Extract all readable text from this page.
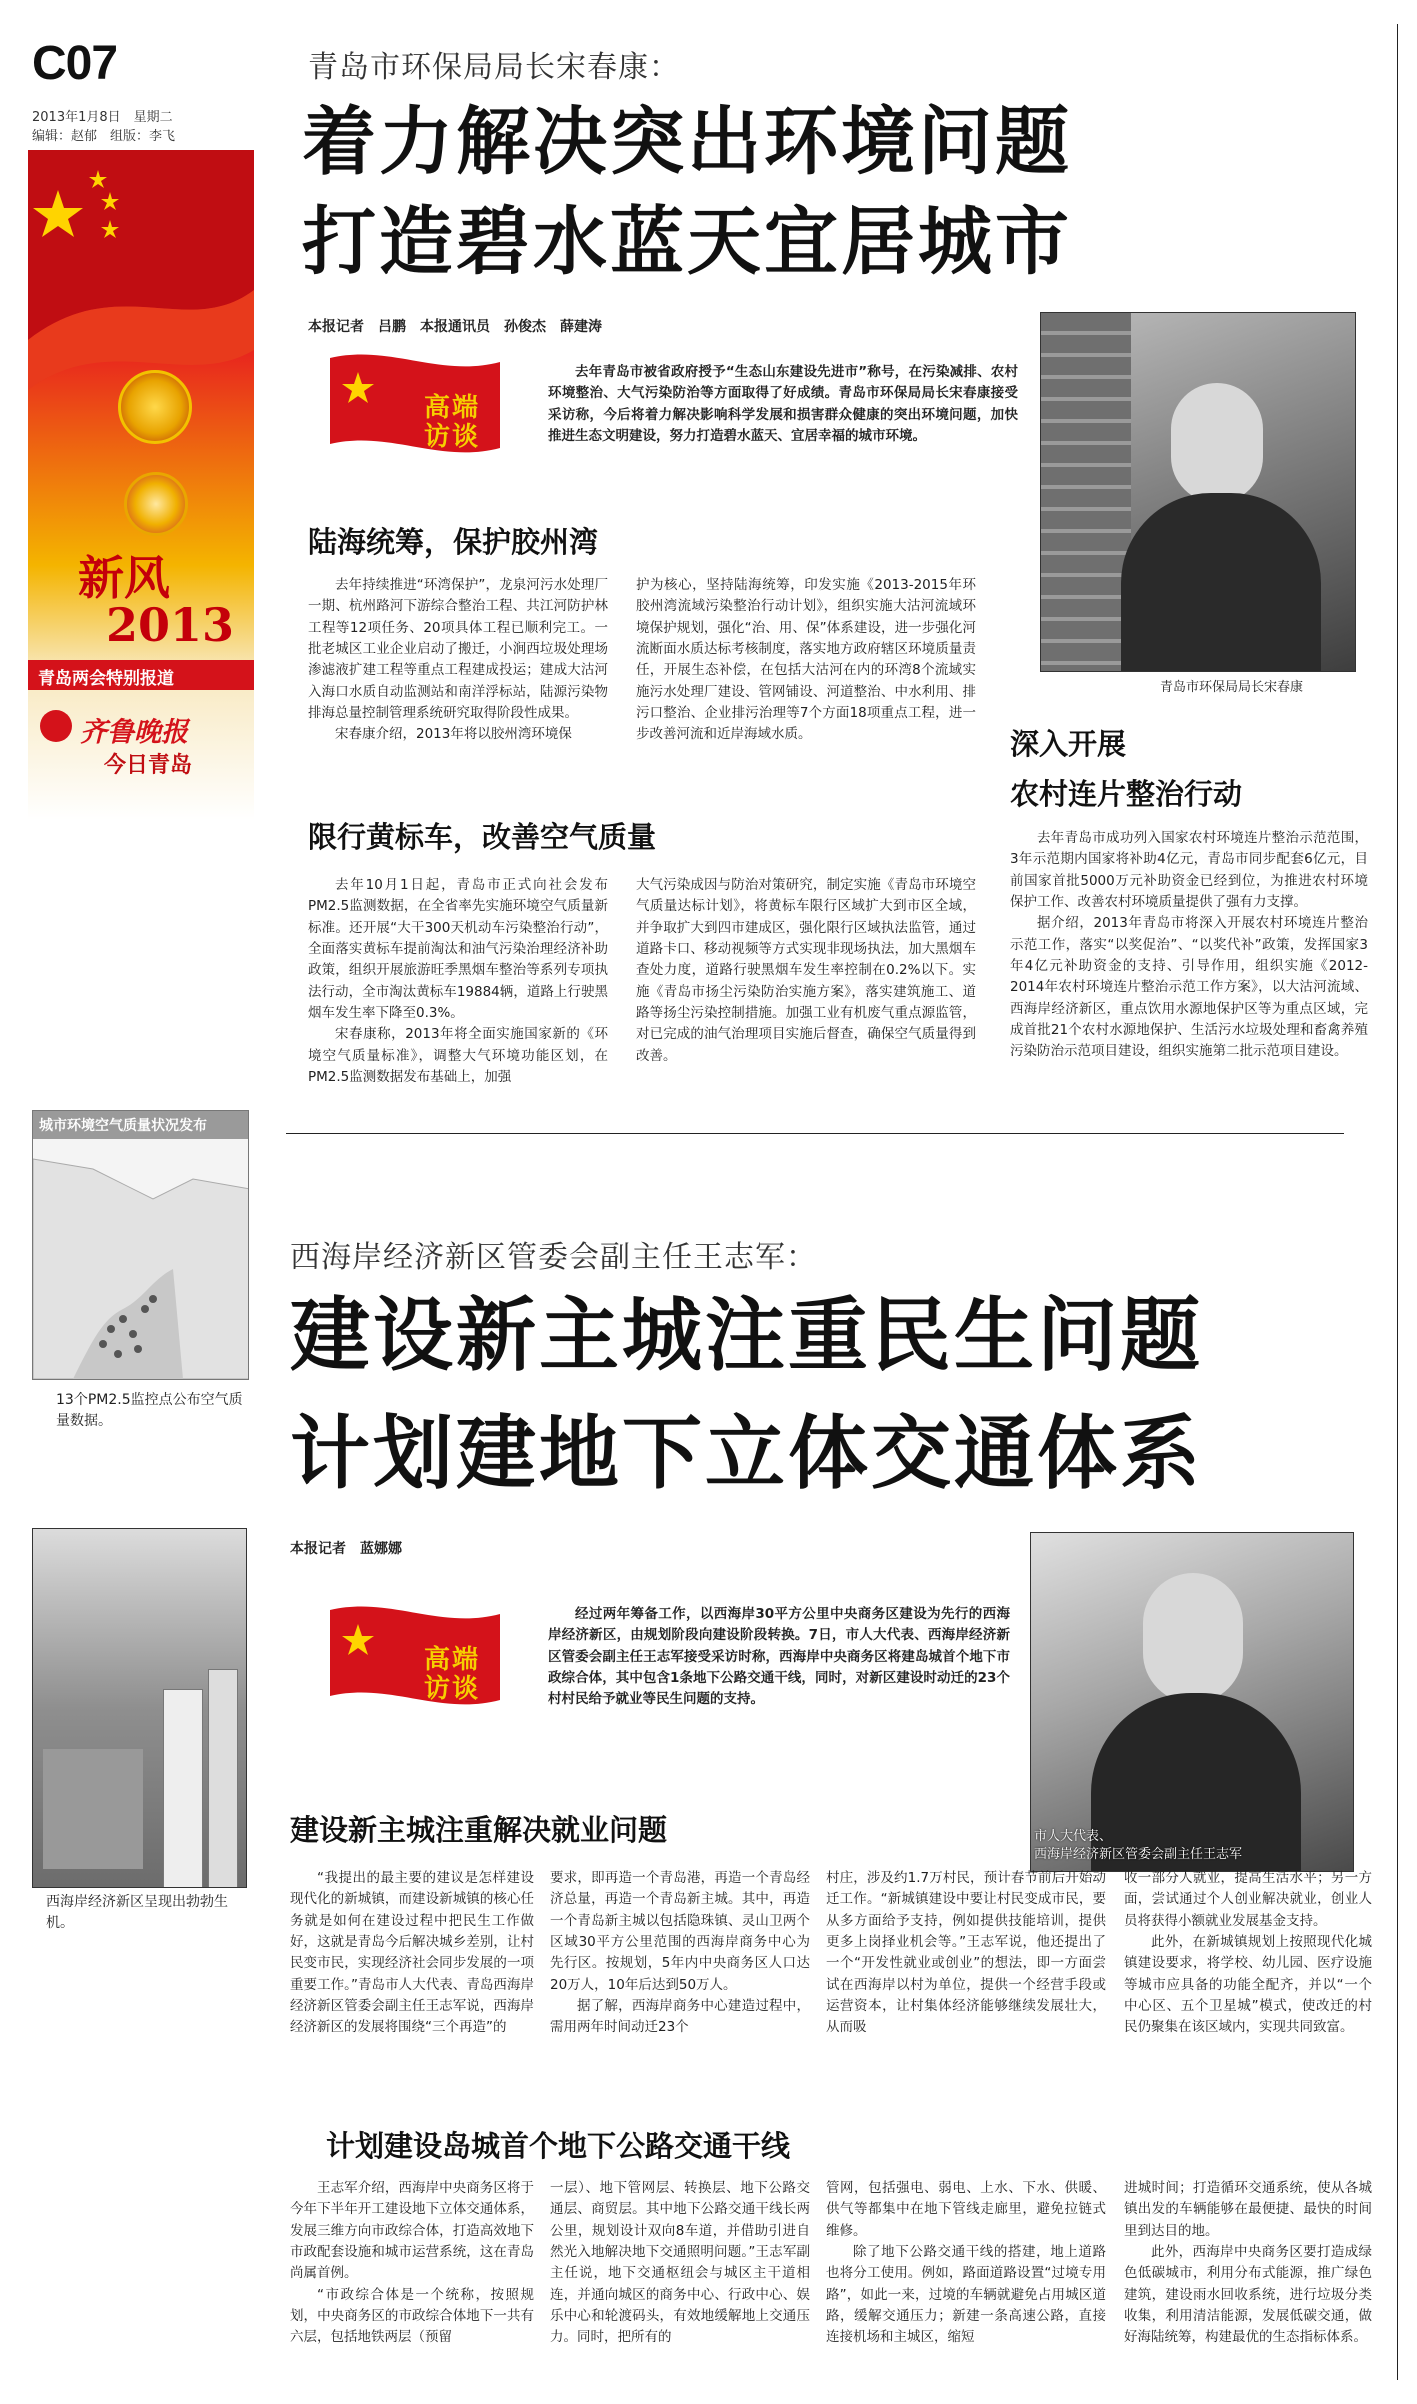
C07
2013年1月8日　星期二
编辑：赵郁　组版：李飞
新风
2013
青岛两会特别报道
齐鲁晚报
今日青岛
城市环境空气质量状况发布
13个PM2.5监控点公布空气质量数据。
西海岸经济新区呈现出勃勃生机。
青岛市环保局局长宋春康：
着力解决突出环境问题
打造碧水蓝天宜居城市
本报记者　吕鹏　本报通讯员　孙俊杰　薛建涛
高端访谈
去年青岛市被省政府授予“生态山东建设先进市”称号，在污染减排、农村环境整治、大气污染防治等方面取得了好成绩。青岛市环保局局长宋春康接受采访称，今后将着力解决影响科学发展和损害群众健康的突出环境问题，加快推进生态文明建设，努力打造碧水蓝天、宜居幸福的城市环境。
青岛市环保局局长宋春康
陆海统筹，保护胶州湾

去年持续推进“环湾保护”，龙泉河污水处理厂一期、杭州路河下游综合整治工程、共江河防护林工程等12项任务、20项具体工程已顺利完工。一批老城区工业企业启动了搬迁，小涧西垃圾处理场渗滤液扩建工程等重点工程建成投运；建成大沽河入海口水质自动监测站和南洋浮标站，陆源污染物排海总量控制管理系统研究取得阶段性成果。

宋春康介绍，2013年将以胶州湾环境保

护为核心，坚持陆海统筹，印发实施《2013-2015年环胶州湾流域污染整治行动计划》，组织实施大沽河流域环境保护规划，强化“治、用、保”体系建设，进一步强化河流断面水质达标考核制度，落实地方政府辖区环境质量责任，开展生态补偿，在包括大沽河在内的环湾8个流域实施污水处理厂建设、管网铺设、河道整治、中水利用、排污口整治、企业排污治理等7个方面18项重点工程，进一步改善河流和近岸海域水质。
限行黄标车，改善空气质量

去年10月1日起，青岛市正式向社会发布PM2.5监测数据，在全省率先实施环境空气质量新标准。还开展“大干300天机动车污染整治行动”，全面落实黄标车提前淘汰和油气污染治理经济补助政策，组织开展旅游旺季黑烟车整治等系列专项执法行动，全市淘汰黄标车19884辆，道路上行驶黑烟车发生率下降至0.3%。

宋春康称，2013年将全面实施国家新的《环境空气质量标准》，调整大气环境功能区划，在PM2.5监测数据发布基础上，加强

大气污染成因与防治对策研究，制定实施《青岛市环境空气质量达标计划》，将黄标车限行区域扩大到市区全域，并争取扩大到四市建成区，强化限行区域执法监管，通过道路卡口、移动视频等方式实现非现场执法，加大黑烟车查处力度，道路行驶黑烟车发生率控制在0.2%以下。实施《青岛市扬尘污染防治实施方案》，落实建筑施工、道路等扬尘污染控制措施。加强工业有机废气重点源监管，对已完成的油气治理项目实施后督查，确保空气质量得到改善。
深入开展
农村连片整治行动

去年青岛市成功列入国家农村环境连片整治示范范围，3年示范期内国家将补助4亿元，青岛市同步配套6亿元，目前国家首批5000万元补助资金已经到位，为推进农村环境保护工作、改善农村环境质量提供了强有力支撑。

据介绍，2013年青岛市将深入开展农村环境连片整治示范工作，落实“以奖促治”、“以奖代补”政策，发挥国家3年4亿元补助资金的支持、引导作用，组织实施《2012-2014年农村环境连片整治示范工作方案》，以大沽河流域、西海岸经济新区，重点饮用水源地保护区等为重点区域，完成首批21个农村水源地保护、生活污水垃圾处理和畜禽养殖污染防治示范项目建设，组织实施第二批示范项目建设。

西海岸经济新区管委会副主任王志军：
建设新主城注重民生问题
计划建地下立体交通体系
本报记者　蓝娜娜
高端访谈
经过两年筹备工作，以西海岸30平方公里中央商务区建设为先行的西海岸经济新区，由规划阶段向建设阶段转换。7日，市人大代表、西海岸经济新区管委会副主任王志军接受采访时称，西海岸中央商务区将建岛城首个地下市政综合体，其中包含1条地下公路交通干线，同时，对新区建设时动迁的23个村村民给予就业等民生问题的支持。
市人大代表、
西海岸经济新区管委会副主任王志军
建设新主城注重解决就业问题
“我提出的最主要的建议是怎样建设现代化的新城镇，而建设新城镇的核心任务就是如何在建设过程中把民生工作做好，这就是青岛今后解决城乡差别，让村民变市民，实现经济社会同步发展的一项重要工作。”青岛市人大代表、青岛西海岸经济新区管委会副主任王志军说，西海岸经济新区的发展将围绕“三个再造”的

要求，即再造一个青岛港，再造一个青岛经济总量，再造一个青岛新主城。其中，再造一个青岛新主城以包括隐珠镇、灵山卫两个区域30平方公里范围的西海岸商务中心为先行区。按规划，5年内中央商务区人口达20万人，10年后达到50万人。

据了解，西海岸商务中心建造过程中，需用两年时间动迁23个

村庄，涉及约1.7万村民，预计春节前后开始动迁工作。“新城镇建设中要让村民变成市民，要从多方面给予支持，例如提供技能培训，提供更多上岗择业机会等。”王志军说，他还提出了一个“开发性就业或创业”的想法，即一方面尝试在西海岸以村为单位，提供一个经营手段或运营资本，让村集体经济能够继续发展壮大，从而吸

收一部分人就业，提高生活水平；另一方面，尝试通过个人创业解决就业，创业人员将获得小额就业发展基金支持。

此外，在新城镇规划上按照现代化城镇建设要求，将学校、幼儿园、医疗设施等城市应具备的功能全配齐，并以“一个中心区、五个卫星城”模式，使改迁的村民仍聚集在该区域内，实现共同致富。

计划建设岛城首个地下公路交通干线

王志军介绍，西海岸中央商务区将于今年下半年开工建设地下立体交通体系，发展三维方向市政综合体，打造高效地下市政配套设施和城市运营系统，这在青岛尚属首例。

“市政综合体是一个统称，按照规划，中央商务区的市政综合体地下一共有六层，包括地铁两层（预留

一层）、地下管网层、转换层、地下公路交通层、商贸层。其中地下公路交通干线长两公里，规划设计双向8车道，并借助引进自然光入地解决地下交通照明问题。”王志军副主任说，地下交通枢纽会与城区主干道相连，并通向城区的商务中心、行政中心、娱乐中心和轮渡码头，有效地缓解地上交通压力。同时，把所有的

管网，包括强电、弱电、上水、下水、供暖、供气等都集中在地下管线走廊里，避免拉链式维修。

除了地下公路交通干线的搭建，地上道路也将分工使用。例如，路面道路设置“过境专用路”，如此一来，过境的车辆就避免占用城区道路，缓解交通压力；新建一条高速公路，直接连接机场和主城区，缩短

进城时间；打造循环交通系统，使从各城镇出发的车辆能够在最便捷、最快的时间里到达目的地。

此外，西海岸中央商务区要打造成绿色低碳城市，利用分布式能源，推广绿色建筑，建设雨水回收系统，进行垃圾分类收集，利用清洁能源，发展低碳交通，做好海陆统筹，构建最优的生态指标体系。
